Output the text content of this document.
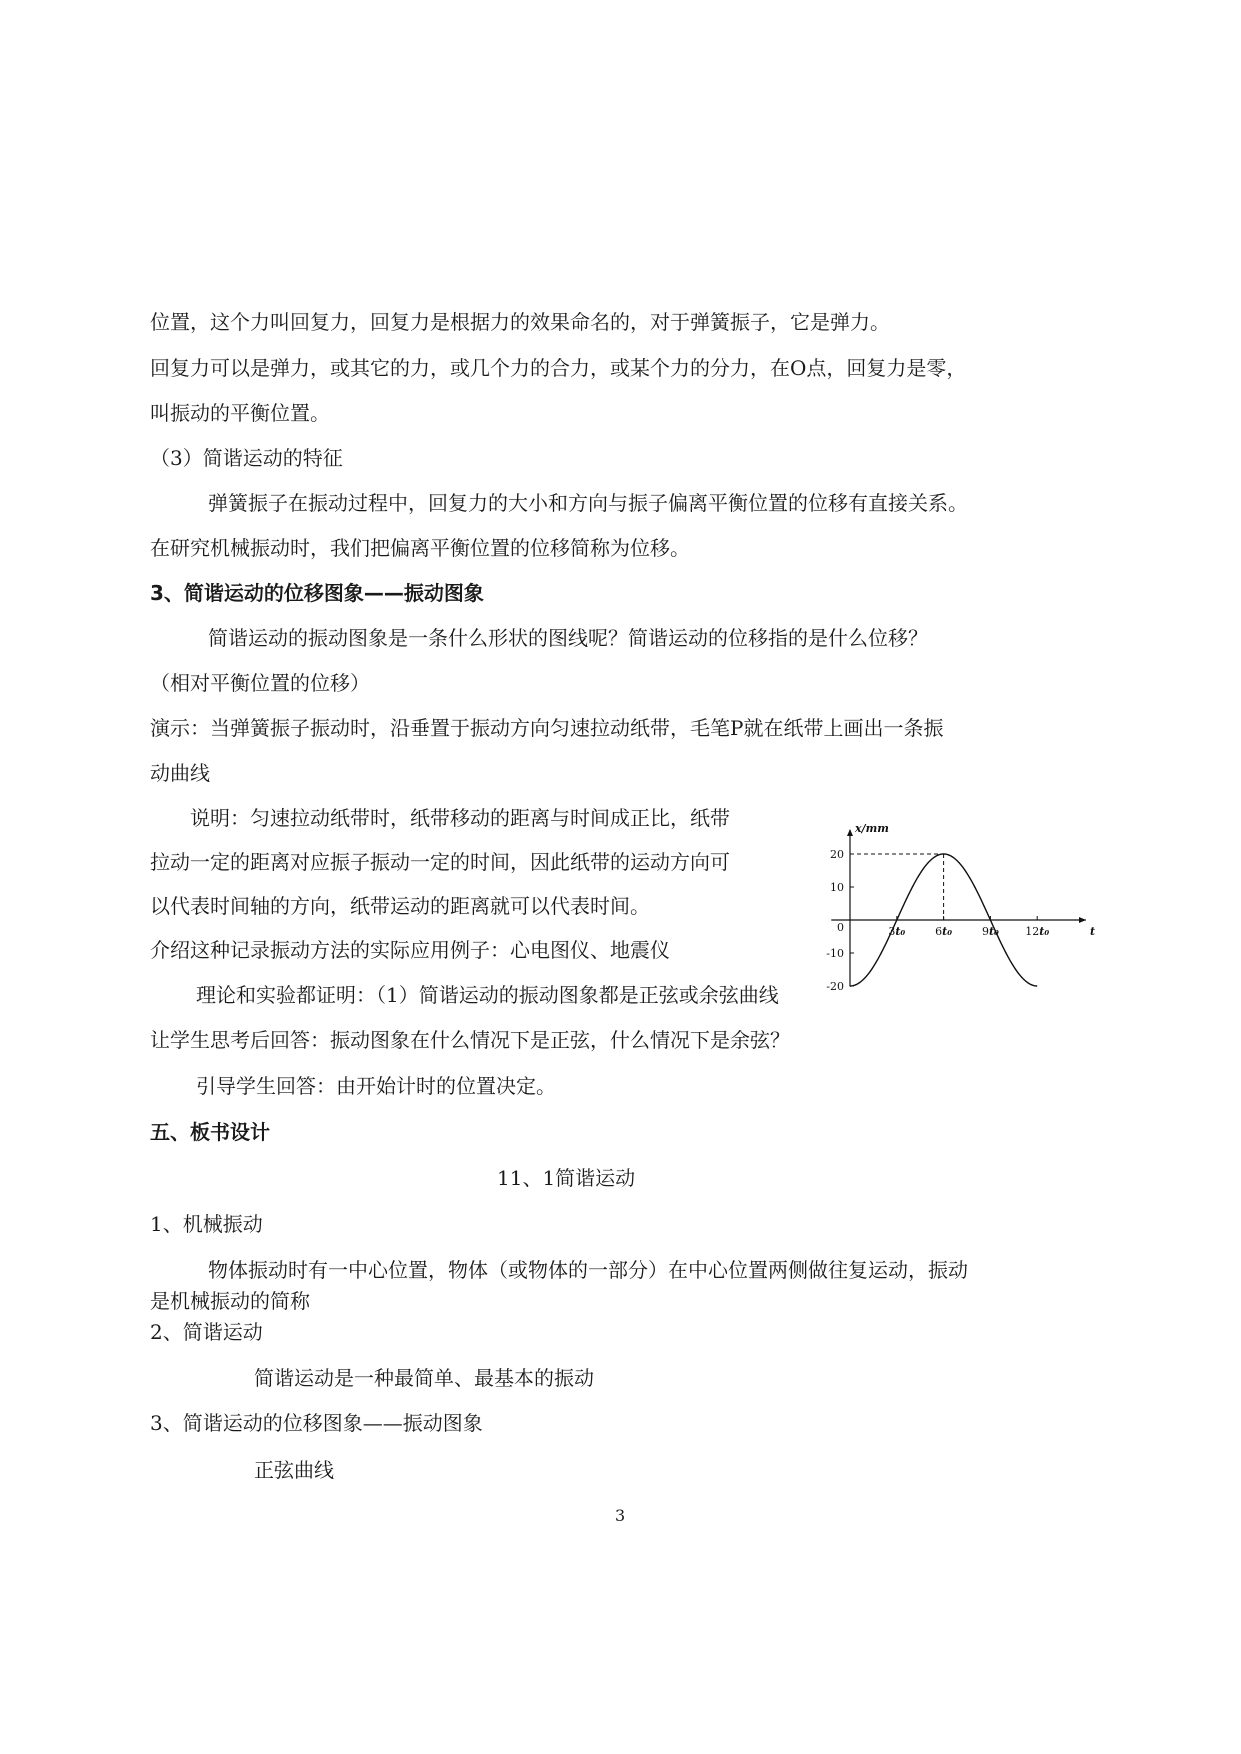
位置，这个力叫回复力，回复力是根据力的效果命名的，对于弹簧振子，它是弹力。
回复力可以是弹力，或其它的力，或几个力的合力，或某个力的分力，在O点，回复力是零，
叫振动的平衡位置。
（3）简谐运动的特征
弹簧振子在振动过程中，回复力的大小和方向与振子偏离平衡位置的位移有直接关系。
在研究机械振动时，我们把偏离平衡位置的位移简称为位移。
3、简谐运动的位移图象——振动图象
简谐运动的振动图象是一条什么形状的图线呢？简谐运动的位移指的是什么位移？
（相对平衡位置的位移）
演示：当弹簧振子振动时，沿垂置于振动方向匀速拉动纸带，毛笔P就在纸带上画出一条振
动曲线
说明：匀速拉动纸带时，纸带移动的距离与时间成正比，纸带
拉动一定的距离对应振子振动一定的时间，因此纸带的运动方向可
以代表时间轴的方向，纸带运动的距离就可以代表时间。
介绍这种记录振动方法的实际应用例子：心电图仪、地震仪
理论和实验都证明：（1）简谐运动的振动图象都是正弦或余弦曲线
让学生思考后回答：振动图象在什么情况下是正弦，什么情况下是余弦？
引导学生回答：由开始计时的位置决定。
五、板书设计
11、1简谐运动
1、机械振动
物体振动时有一中心位置，物体（或物体的一部分）在中心位置两侧做往复运动，振动
是机械振动的简称
2、简谐运动
简谐运动是一种最简单、最基本的振动
3、简谐运动的位移图象——振动图象
正弦曲线
3
x/mm
t
20
10
0
-10
-20
3t₀	6t₀	9t₀ 12t₀
